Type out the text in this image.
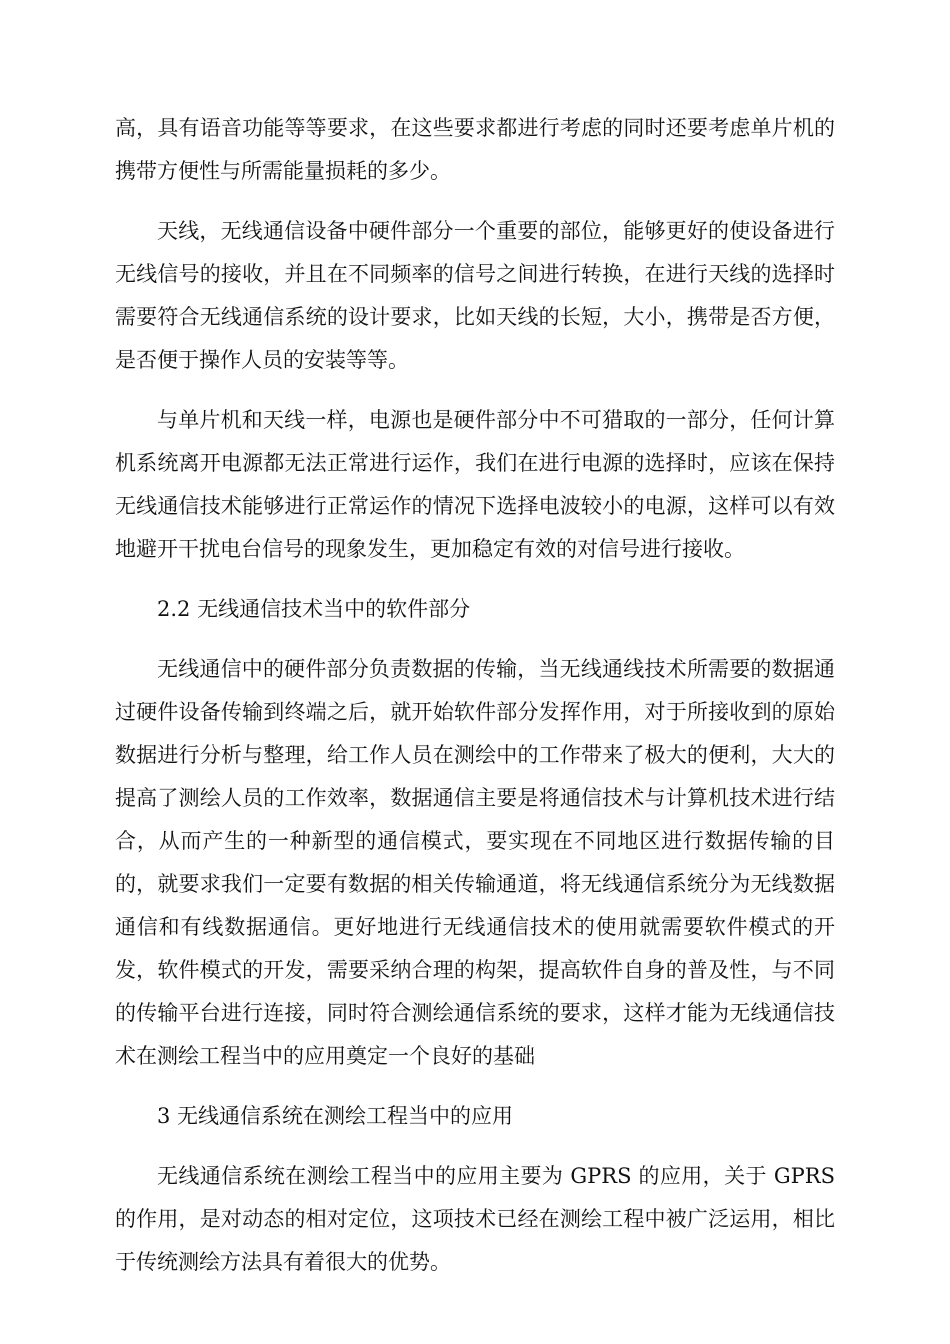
高，具有语音功能等等要求，在这些要求都进行考虑的同时还要考虑单片机的携带方便性与所需能量损耗的多少。

天线，无线通信设备中硬件部分一个重要的部位，能够更好的使设备进行无线信号的接收，并且在不同频率的信号之间进行转换，在进行天线的选择时需要符合无线通信系统的设计要求，比如天线的长短，大小，携带是否方便，是否便于操作人员的安装等等。

与单片机和天线一样，电源也是硬件部分中不可猎取的一部分，任何计算机系统离开电源都无法正常进行运作，我们在进行电源的选择时，应该在保持无线通信技术能够进行正常运作的情况下选择电波较小的电源，这样可以有效地避开干扰电台信号的现象发生，更加稳定有效的对信号进行接收。

2.2 无线通信技术当中的软件部分

无线通信中的硬件部分负责数据的传输，当无线通线技术所需要的数据通过硬件设备传输到终端之后，就开始软件部分发挥作用，对于所接收到的原始数据进行分析与整理，给工作人员在测绘中的工作带来了极大的便利，大大的提高了测绘人员的工作效率，数据通信主要是将通信技术与计算机技术进行结合，从而产生的一种新型的通信模式，要实现在不同地区进行数据传输的目的，就要求我们一定要有数据的相关传输通道，将无线通信系统分为无线数据通信和有线数据通信。更好地进行无线通信技术的使用就需要软件模式的开发，软件模式的开发，需要采纳合理的构架，提高软件自身的普及性，与不同的传输平台进行连接，同时符合测绘通信系统的要求，这样才能为无线通信技术在测绘工程当中的应用奠定一个良好的基础

3 无线通信系统在测绘工程当中的应用

无线通信系统在测绘工程当中的应用主要为 GPRS 的应用，关于 GPRS 的作用，是对动态的相对定位，这项技术已经在测绘工程中被广泛运用，相比于传统测绘方法具有着很大的优势。
